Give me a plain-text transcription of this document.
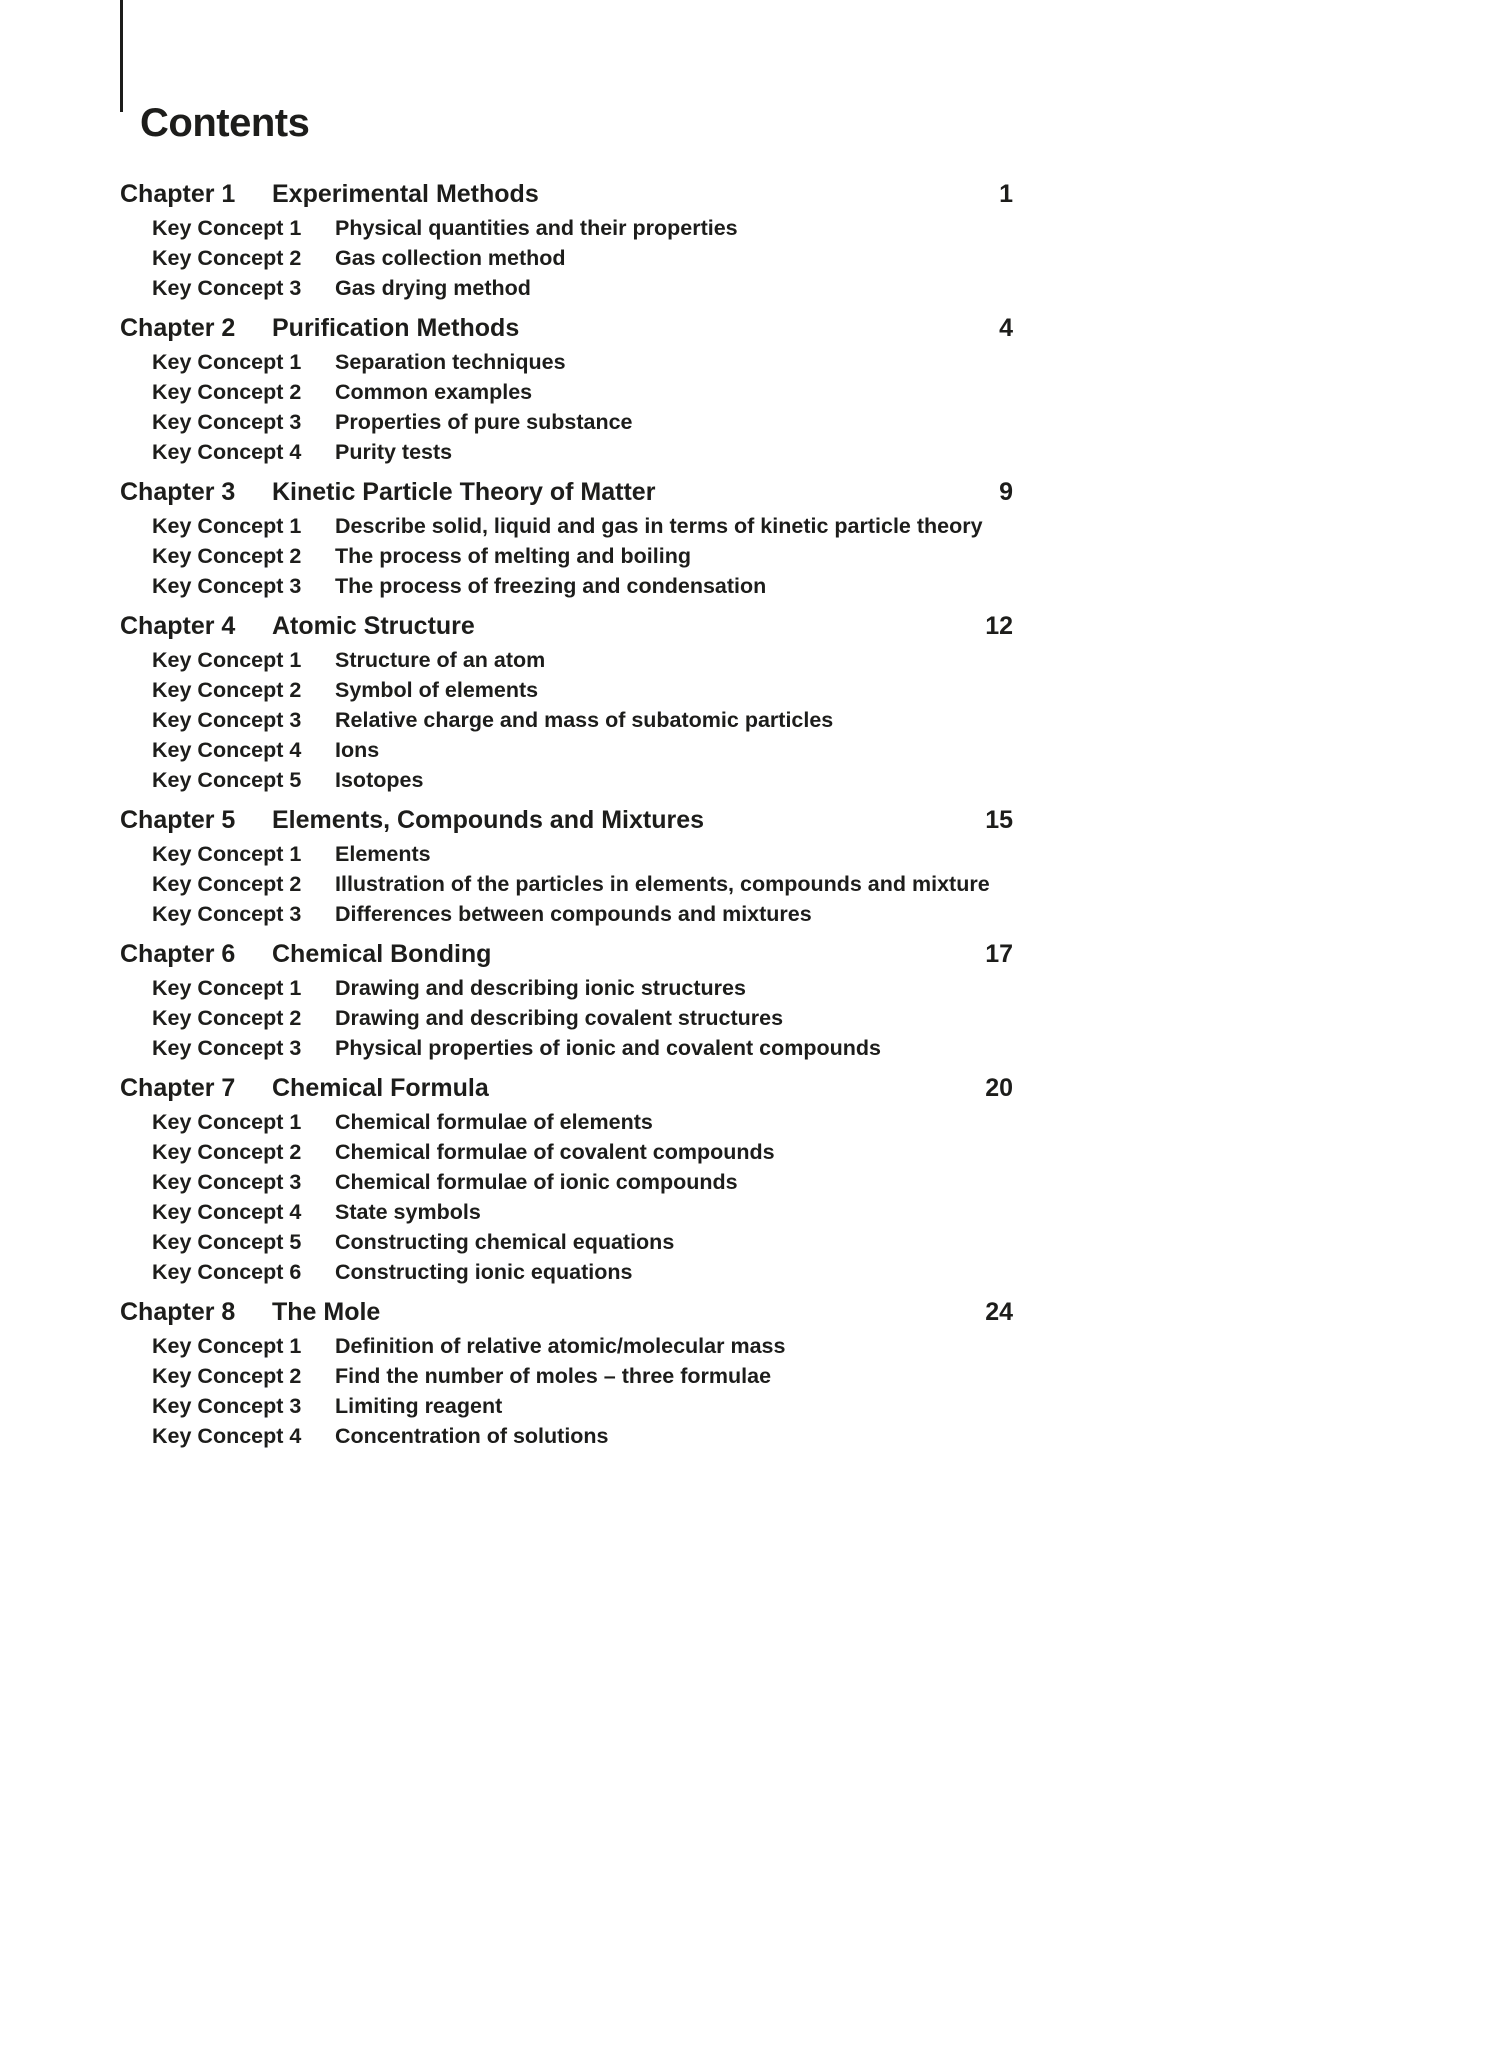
Contents
Chapter 1	Experimental Methods	1
Key Concept 1	Physical quantities and their properties
Key Concept 2	Gas collection method
Key Concept 3	Gas drying method
Chapter 2	Purification Methods	4
Key Concept 1	Separation techniques
Key Concept 2	Common examples
Key Concept 3	Properties of pure substance
Key Concept 4	Purity tests
Chapter 3	Kinetic Particle Theory of Matter	9
Key Concept 1	Describe solid, liquid and gas in terms of kinetic particle theory
Key Concept 2	The process of melting and boiling
Key Concept 3	The process of freezing and condensation
Chapter 4	Atomic Structure	12
Key Concept 1	Structure of an atom
Key Concept 2	Symbol of elements
Key Concept 3	Relative charge and mass of subatomic particles
Key Concept 4	Ions
Key Concept 5	Isotopes
Chapter 5	Elements, Compounds and Mixtures	15
Key Concept 1	Elements
Key Concept 2	Illustration of the particles in elements, compounds and mixture
Key Concept 3	Differences between compounds and mixtures
Chapter 6	Chemical Bonding	17
Key Concept 1	Drawing and describing ionic structures
Key Concept 2	Drawing and describing covalent structures
Key Concept 3	Physical properties of ionic and covalent compounds
Chapter 7	Chemical Formula	20
Key Concept 1	Chemical formulae of elements
Key Concept 2	Chemical formulae of covalent compounds
Key Concept 3	Chemical formulae of ionic compounds
Key Concept 4	State symbols
Key Concept 5	Constructing chemical equations
Key Concept 6	Constructing ionic equations
Chapter 8	The Mole	24
Key Concept 1	Definition of relative atomic/molecular mass
Key Concept 2	Find the number of moles – three formulae
Key Concept 3	Limiting reagent
Key Concept 4	Concentration of solutions
